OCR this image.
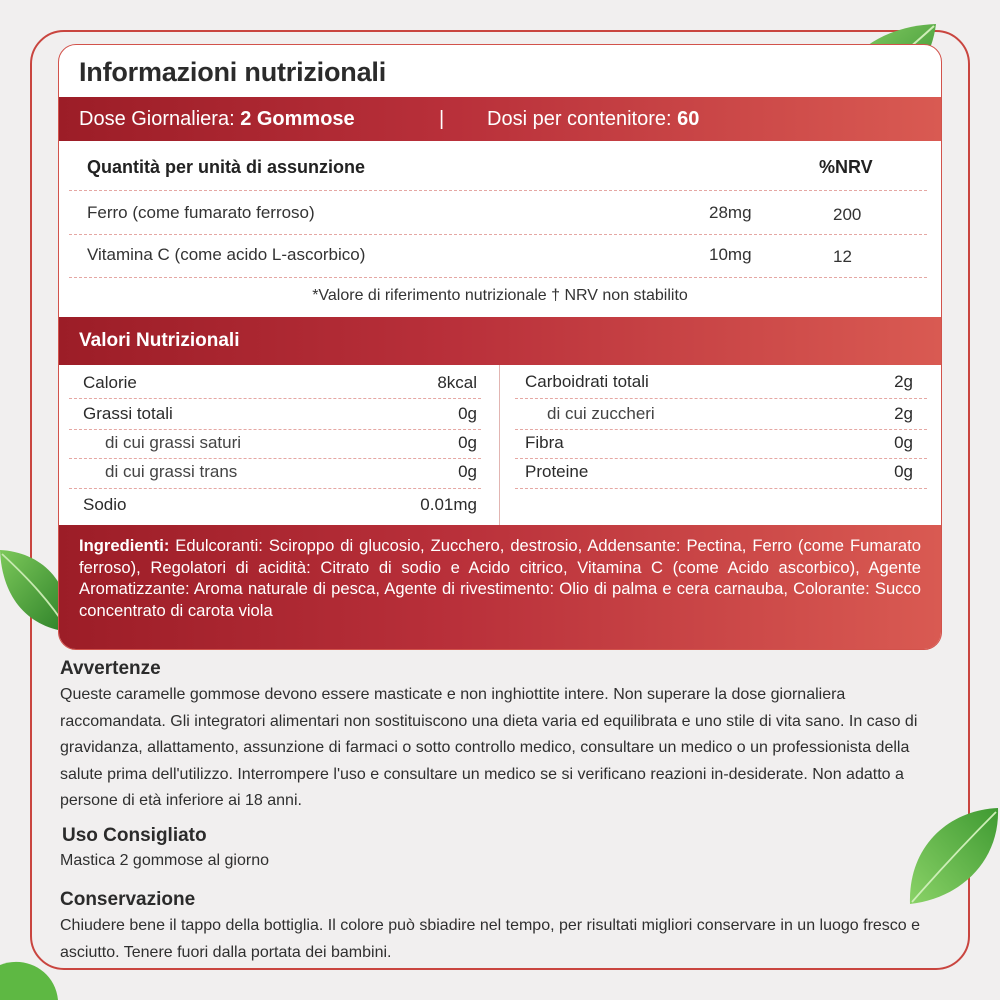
Informazioni nutrizionali
Dose Giornaliera: 2 Gommose	| Dosi per contenitore: 60
Quantità per unità di assunzione	%NRV
Ferro (come fumarato ferroso)	28mg	200
Vitamina C (come acido L-ascorbico)	10mg	12
*Valore di riferimento nutrizionale † NRV non stabilito
Valori Nutrizionali
Calorie	8kcal
Grassi totali	0g
di cui grassi saturi	0g
di cui grassi trans	0g
Sodio	0.01mg
Carboidrati totali	2g
di cui zuccheri	2g
Fibra	0g
Proteine	0g
Ingredienti: Edulcoranti: Sciroppo di glucosio, Zucchero, destrosio, Addensante: Pectina, Ferro (come Fumarato ferroso), Regolatori di acidità: Citrato di sodio e Acido citrico, Vitamina C (come Acido ascorbico), Agente Aromatizzante: Aroma naturale di pesca, Agente di rivestimento: Olio di palma e cera carnauba, Colorante: Succo concentrato di carota viola
Avvertenze
Queste caramelle gommose devono essere masticate e non inghiottite intere. Non superare la dose giornaliera raccomandata. Gli integratori alimentari non sostituiscono una dieta varia ed equilibrata e uno stile di vita sano. In caso di gravidanza, allattamento, assunzione di farmaci o sotto controllo medico, consultare un medico o un professionista della salute prima dell'utilizzo. Interrompere l'uso e consultare un medico se si verificano reazioni in-desiderate. Non adatto a persone di età inferiore ai 18 anni.
Uso Consigliato
Mastica 2 gommose al giorno
Conservazione
Chiudere bene il tappo della bottiglia. Il colore può sbiadire nel tempo, per risultati migliori conservare in un luogo fresco e asciutto. Tenere fuori dalla portata dei bambini.
